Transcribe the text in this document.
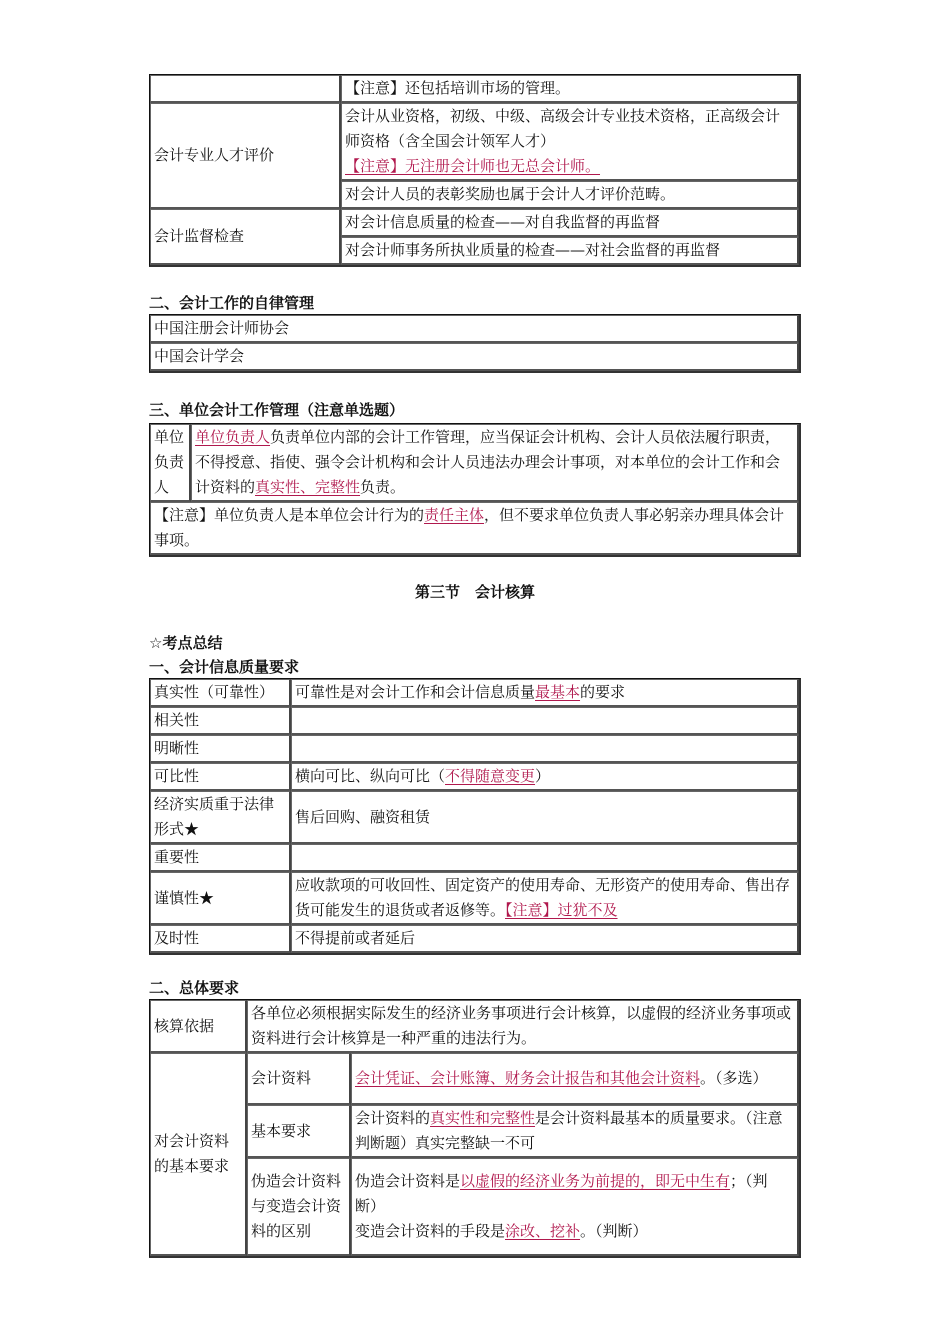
	【注意】还包括培训市场的管理。
会计专业人才评价	会计从业资格，初级、中级、高级会计专业技术资格，正高级会计师资格（含全国会计领军人才）
【注意】无注册会计师也无总会计师。
	对会计人员的表彰奖励也属于会计人才评价范畴。
会计监督检查	对会计信息质量的检查——对自我监督的再监督
	对会计师事务所执业质量的检查——对社会监督的再监督
二、会计工作的自律管理
中国注册会计师协会
中国会计学会
三、单位会计工作管理（注意单选题）
单位负责人	单位负责人负责单位内部的会计工作管理，应当保证会计机构、会计人员依法履行职责，不得授意、指使、强令会计机构和会计人员违法办理会计事项，对本单位的会计工作和会计资料的真实性、完整性负责。
【注意】单位负责人是本单位会计行为的责任主体，但不要求单位负责人事必躬亲办理具体会计事项。
第三节　会计核算
☆考点总结
一、会计信息质量要求
真实性（可靠性）	可靠性是对会计工作和会计信息质量最基本的要求
相关性	
明晰性	
可比性	横向可比、纵向可比（不得随意变更）
经济实质重于法律形式★	售后回购、融资租赁
重要性	
谨慎性★	应收款项的可收回性、固定资产的使用寿命、无形资产的使用寿命、售出存货可能发生的退货或者返修等。【注意】过犹不及
及时性	不得提前或者延后
二、总体要求
核算依据	各单位必须根据实际发生的经济业务事项进行会计核算，以虚假的经济业务事项或资料进行会计核算是一种严重的违法行为。	
对会计资料的基本要求	会计资料	会计凭证、会计账簿、财务会计报告和其他会计资料。（多选）
	基本要求	会计资料的真实性和完整性是会计资料最基本的质量要求。（注意判断题）真实完整缺一不可
	伪造会计资料与变造会计资料的区别	伪造会计资料是以虚假的经济业务为前提的，即无中生有；（判断）
变造会计资料的手段是涂改、挖补。（判断）
